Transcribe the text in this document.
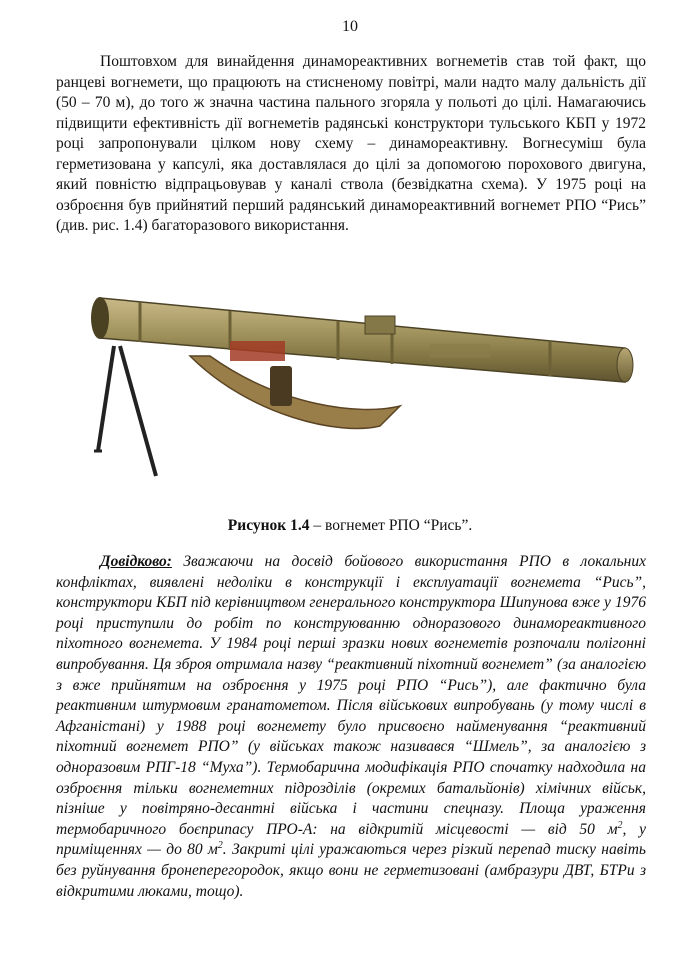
10

Поштовхом для винайдення динамореактивних вогнеметів став той факт, що ранцеві вогнемети, що працюють на стисненому повітрі, мали надто малу дальність дії (50 – 70 м), до того ж значна частина пального згоряла у польоті до цілі. Намагаючись підвищити ефективність дії вогнеметів радянські конструктори тульського КБП у 1972 році запропонували цілком нову схему – динамореактивну. Вогнесуміш була герметизована у капсулі, яка доставлялася до цілі за допомогою порохового двигуна, який повністю відпрацьовував у каналі ствола (безвідкатна схема). У 1975 році на озброєння був прийнятий перший радянський динамореактивний вогнемет РПО “Рись” (див. рис. 1.4) багаторазового використання.

Рисунок 1.4 – вогнемет РПО “Рись”.

Довідково: Зважаючи на досвід бойового використання РПО в локальних конфліктах, виявлені недоліки в конструкції і експлуатації вогнемета “Рись”, конструктори КБП під керівництвом генерального конструктора Шипунова вже у 1976 році приступили до робіт по конструюванню одноразового динамореактивного піхотного вогнемета. У 1984 році перші зразки нових вогнеметів розпочали полігонні випробування. Ця зброя отримала назву “реактивний піхотний вогнемет” (за аналогією з вже прийнятим на озброєння у 1975 році РПО “Рись”), але фактично була реактивним штурмовим гранатометом. Після військових випробувань (у тому числі в Афганістані) у 1988 році вогнемету було присвоєно найменування “реактивний піхотний вогнемет РПО” (у військах також називався “Шмель”, за аналогією з одноразовим РПГ-18 “Муха”). Термобарична модифікація РПО спочатку надходила на озброєння тільки вогнеметних підрозділів (окремих батальйонів) хімічних військ, пізніше у повітряно-десантні війська і частини спецназу. Площа ураження термобаричного боєприпасу ПРО-А: на відкритій місцевості — від 50 $м^2$, у приміщеннях — до 80 $м^2$. Закриті цілі уражаються через різкий перепад тиску навіть без руйнування бронеперегородок, якщо вони не герметизовані (амбразури ДВТ, БТРи з відкритими люками, тощо).
